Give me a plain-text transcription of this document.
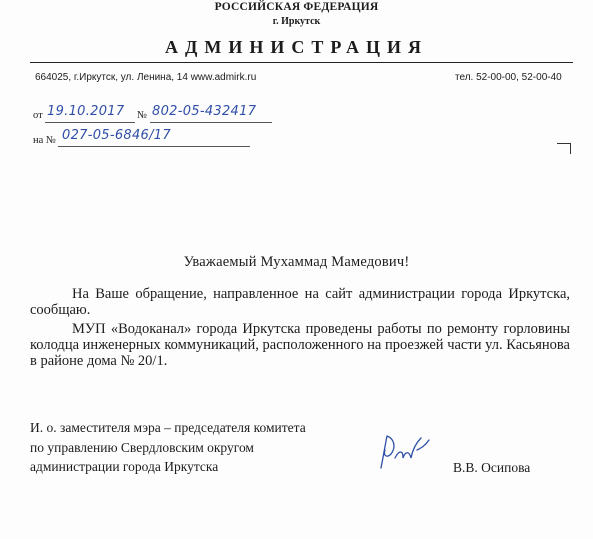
РОССИЙСКАЯ ФЕДЕРАЦИЯ
г. Иркутск
АДМИНИСТРАЦИЯ
664025, г.Иркутск, ул. Ленина, 14 www.admirk.ru	тел. 52-00-00, 52-00-40
от 19.10.2017 № 802-05-432417
на № 027-05-6846/17
Уважаемый Мухаммад Мамедович!
На Ваше обращение, направленное на сайт администрации города Иркутска, сообщаю.
МУП «Водоканал» города Иркутска проведены работы по ремонту горловины колодца инженерных коммуникаций, расположенного на проезжей части ул. Касьянова в районе дома № 20/1.
И. о. заместителя мэра – председателя комитета
по управлению Свердловским округом
администрации города Иркутска	В.В. Осипова
